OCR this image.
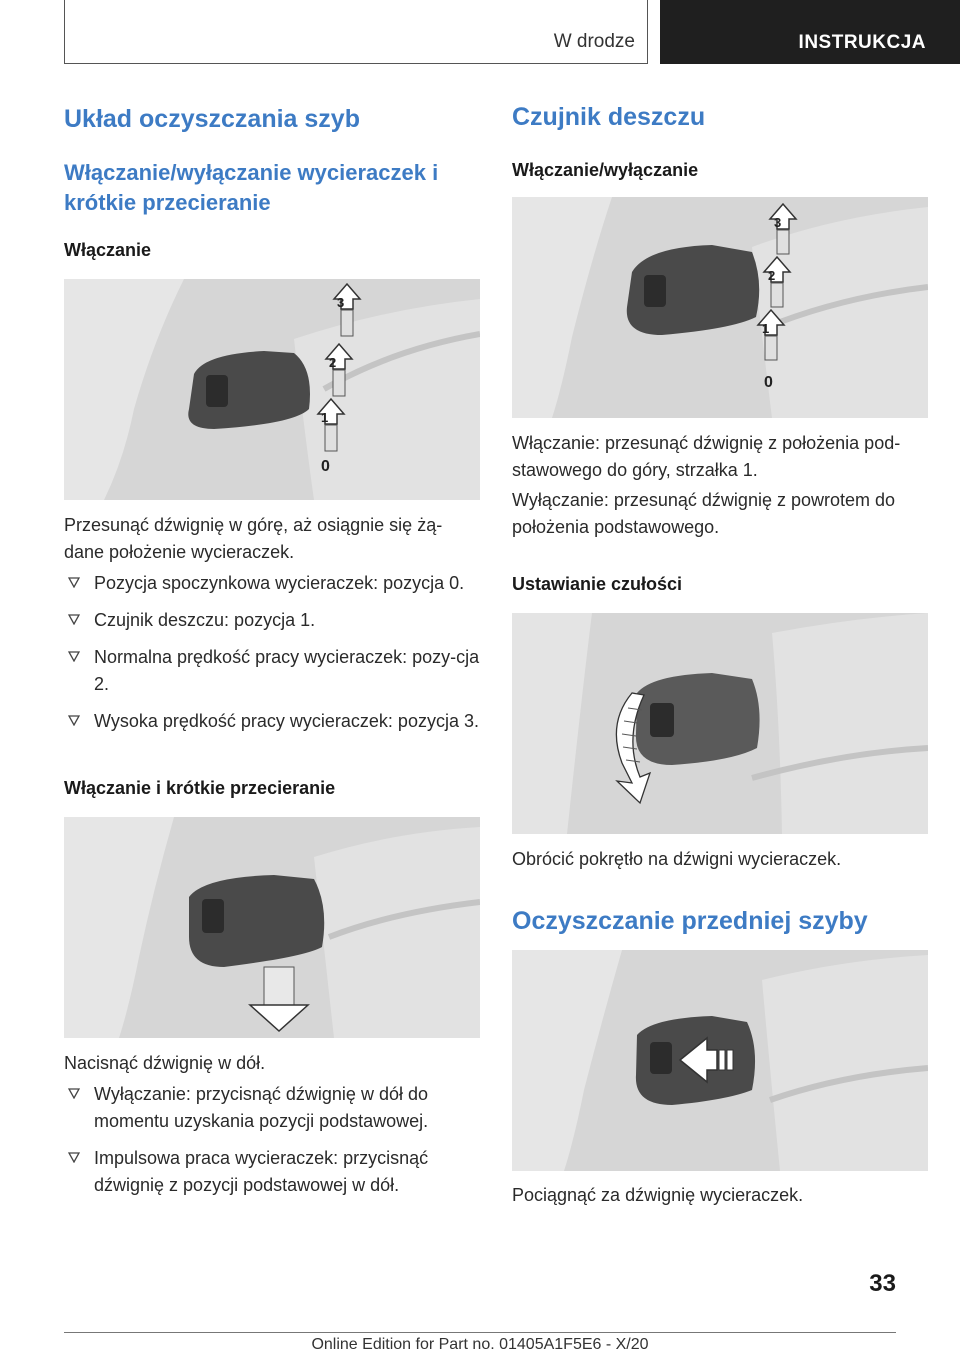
W drodze	INSTRUKCJA
Układ oczyszczania szyb
Włączanie/wyłączanie wycieraczek i krótkie przecieranie
Włączanie
3
2
1
0

Przesunąć dźwignię w górę, aż osiągnie się żą-dane położenie wycieraczek.

Pozycja spoczynkowa wycieraczek: pozycja 0.
Czujnik deszczu: pozycja 1.
Normalna prędkość pracy wycieraczek: pozy-cja 2.
Wysoka prędkość pracy wycieraczek: pozycja 3.
Włączanie i krótkie przecieranie

Nacisnąć dźwignię w dół.

Wyłączanie: przycisnąć dźwignię w dół do momentu uzyskania pozycji podstawowej.
Impulsowa praca wycieraczek: przycisnąć dźwignię z pozycji podstawowej w dół.
Czujnik deszczu
Włączanie/wyłączanie
3
2
1
0

Włączanie: przesunąć dźwignię z położenia pod-stawowego do góry, strzałka 1.

Wyłączanie: przesunąć dźwignię z powrotem do położenia podstawowego.

Ustawianie czułości

Obrócić pokrętło na dźwigni wycieraczek.

Oczyszczanie przedniej szyby

Pociągnąć za dźwignię wycieraczek.

33
Online Edition for Part no. 01405A1F5E6 - X/20
